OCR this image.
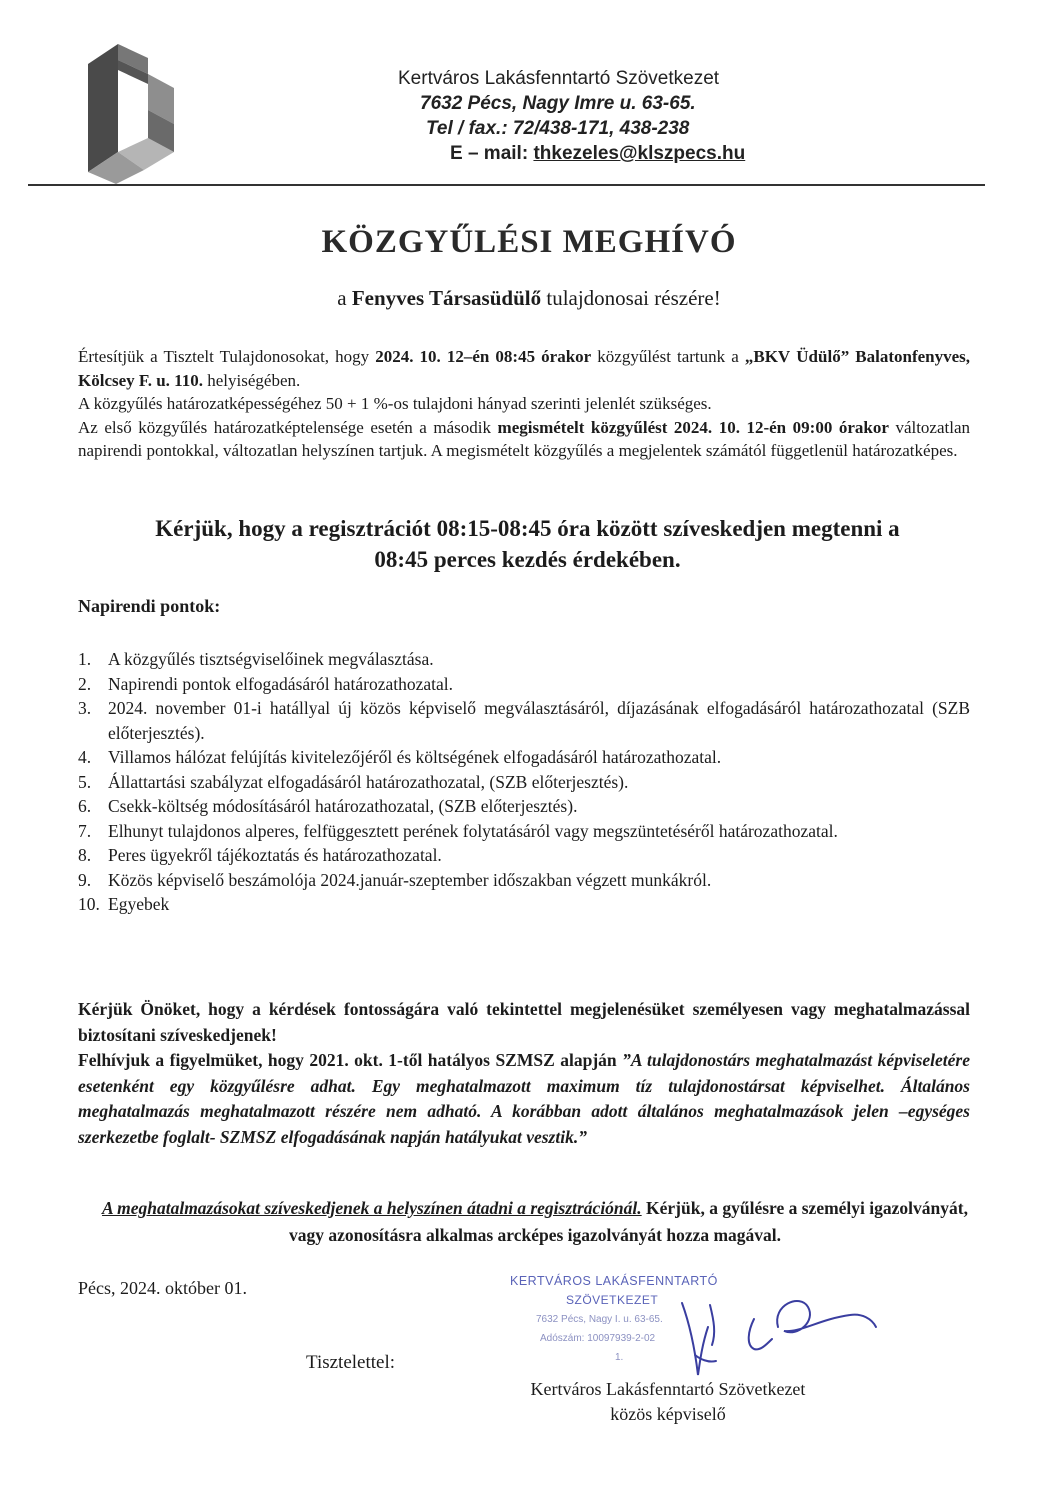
Kertváros Lakásfenntartó Szövetkezet
7632 Pécs, Nagy Imre u. 63-65.
Tel / fax.: 72/438-171, 438-238
E – mail: thkezeles@klszpecs.hu
KÖZGYŰLÉSI MEGHÍVÓ
a Fenyves Társasüdülő tulajdonosai részére!
Értesítjük a Tisztelt Tulajdonosokat, hogy 2024. 10. 12–én 08:45 órakor közgyűlést tartunk a „BKV Üdülő” Balatonfenyves, Kölcsey F. u. 110. helyiségében.
A közgyűlés határozatképességéhez 50 + 1 %-os tulajdoni hányad szerinti jelenlét szükséges.
Az első közgyűlés határozatképtelensége esetén a második megismételt közgyűlést 2024. 10. 12-én 09:00 órakor változatlan napirendi pontokkal, változatlan helyszínen tartjuk. A megismételt közgyűlés a megjelentek számától függetlenül határozatképes.
Kérjük, hogy a regisztrációt 08:15-08:45 óra között szíveskedjen megtenni a
08:45 perces kezdés érdekében.
Napirendi pontok:
1. A közgyűlés tisztségviselőinek megválasztása.
2. Napirendi pontok elfogadásáról határozathozatal.
3. 2024. november 01-i hatállyal új közös képviselő megválasztásáról, díjazásának elfogadásáról határozathozatal (SZB előterjesztés).
4. Villamos hálózat felújítás kivitelezőjéről és költségének elfogadásáról határozathozatal.
5. Állattartási szabályzat elfogadásáról határozathozatal, (SZB előterjesztés).
6. Csekk-költség módosításáról határozathozatal, (SZB előterjesztés).
7. Elhunyt tulajdonos alperes, felfüggesztett perének folytatásáról vagy megszüntetéséről határozathozatal.
8. Peres ügyekről tájékoztatás és határozathozatal.
9. Közös képviselő beszámolója 2024.január-szeptember időszakban végzett munkákról.
10. Egyebek
Kérjük Önöket, hogy a kérdések fontosságára való tekintettel megjelenésüket személyesen vagy meghatalmazással biztosítani szíveskedjenek!
Felhívjuk a figyelmüket, hogy 2021. okt. 1-től hatályos SZMSZ alapján ”A tulajdonostárs meghatalmazást képviseletére esetenként egy közgyűlésre adhat. Egy meghatalmazott maximum tíz tulajdonostársat képviselhet. Általános meghatalmazás meghatalmazott részére nem adható. A korábban adott általános meghatalmazások jelen –egységes szerkezetbe foglalt- SZMSZ elfogadásának napján hatályukat vesztik.”
A meghatalmazásokat szíveskedjenek a helyszínen átadni a regisztrációnál. Kérjük, a gyűlésre a személyi igazolványát, vagy azonosításra alkalmas arcképes igazolványát hozza magával.
Pécs, 2024. október 01.	KERTVÁROS LAKÁSFENNTARTÓ
SZÖVETKEZET
7632 Pécs, Nagy I. u. 63-65.
Adószám: 10097939-2-02
1.
Tisztelettel:
Kertváros Lakásfenntartó Szövetkezet
közös képviselő
